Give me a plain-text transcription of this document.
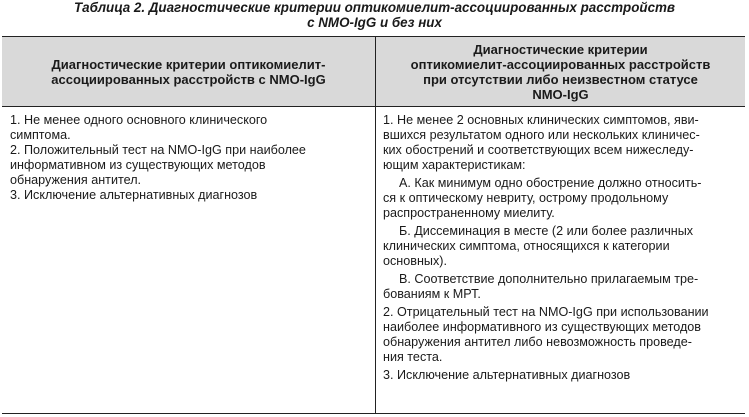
Таблица 2. Диагностические критерии оптикомиелит-ассоциированных расстройств
с NMO-IgG и без них
Диагностические критерии оптикомиелит-
ассоциированных расстройств с NMO-IgG
Диагностические критерии
оптикомиелит-ассоциированных расстройств
при отсутствии либо неизвестном статусе
NMO-IgG
1. Не менее одного основного клинического
симптома.
2. Положительный тест на NMO-IgG при наиболее
информативном из существующих методов
обнаружения антител.
3. Исключение альтернативных диагнозов
1. Не менее 2 основных клинических симптомов, яви-
вшихся результатом одного или нескольких клиничес-
ких обострений и соответствующих всем нижеследу-
ющим характеристикам:
А. Как минимум одно обострение должно относить-
ся к оптическому невриту, острому продольному
распространенному миелиту.
Б. Диссеминация в месте (2 или более различных
клинических симптома, относящихся к категории
основных).
В. Соответствие дополнительно прилагаемым тре-
бованиям к МРТ.
2. Отрицательный тест на NMO-IgG при использовании
наиболее информативного из существующих методов
обнаружения антител либо невозможность проведе-
ния теста.
3. Исключение альтернативных диагнозов
